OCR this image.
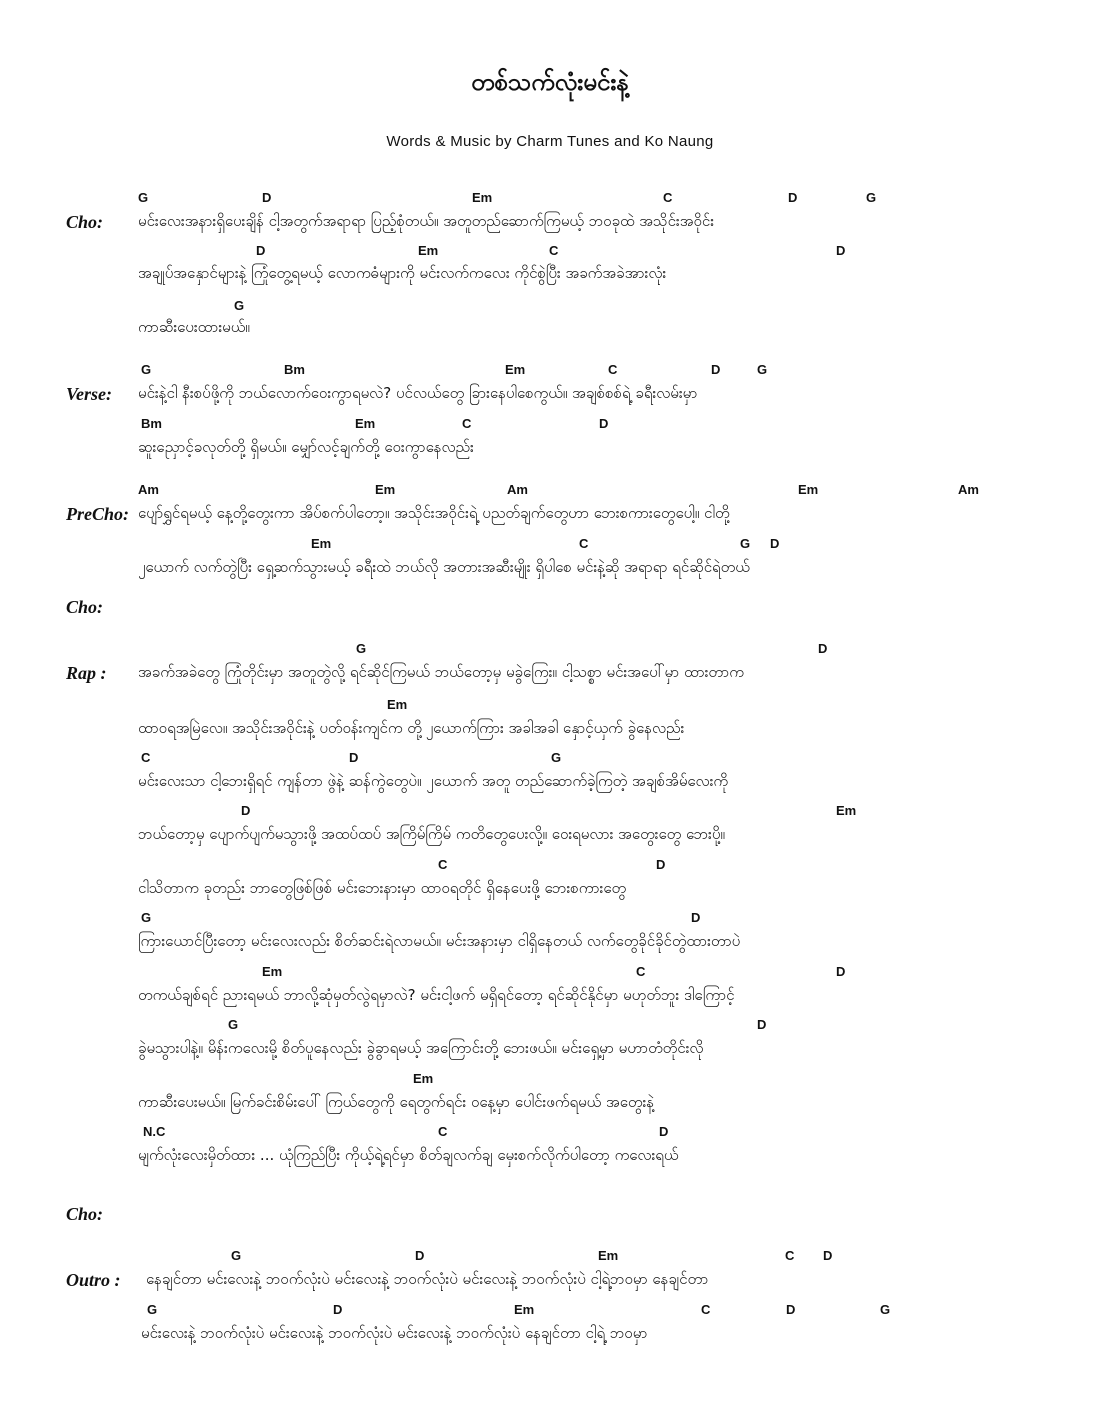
တစ်သက်လုံးမင်းနဲ့
Words & Music by Charm Tunes and Ko Naung
Cho:
Verse:
PreCho:
Cho:
Rap :
Cho:
Outro :
G	D	Em	C	D	G
မင်းလေးအနားရှိပေးချိန် ငါ့အတွက်အရာရာ ပြည့်စုံတယ်။ အတူတည်ဆောက်ကြမယ့် ဘဝခုထဲ အသိုင်းအဝိုင်း
D	Em	C	D
အချုပ်အနှောင်များနဲ့ ကြုံတွေ့ရမယ့် လောကဓံများကို မင်းလက်ကလေး ကိုင်စွဲပြီး အခက်အခဲအားလုံး
G
ကာဆီးပေးထားမယ်။
G	Bm	Em	C	D	G
မင်းနဲ့ငါ နီးစပ်ဖို့ကို ဘယ်လောက်ဝေးကွာရမလဲ? ပင်လယ်တွေ ခြားနေပါစေကွယ်။ အချစ်စစ်ရဲ့ ခရီးလမ်းမှာ
Bm	Em	C	D
ဆူးညှောင့်ခလုတ်တို့ ရှိမယ်။ မျှော်လင့်ချက်တို့ ဝေးကွာနေလည်း
Am	Em	Am	Em	Am
ပျော်ရွှင်ရမယ့် နေ့တို့တွေးကာ အိပ်စက်ပါတော့။ အသိုင်းအဝိုင်းရဲ့ ပညတ်ချက်တွေဟာ ဘေးစကားတွေပေါ့။ ငါတို့
Em	C	G D
၂ယောက် လက်တွဲပြီး ရှေ့ဆက်သွားမယ့် ခရီးထဲ ဘယ်လို အတားအဆီးမျိုး ရှိပါစေ မင်းနဲ့ဆို အရာရာ ရင်ဆိုင်ရဲတယ်
G	D
အခက်အခဲတွေ ကြုံတိုင်းမှာ အတူတွဲလို့ ရင်ဆိုင်ကြမယ် ဘယ်တော့မှ မခွဲကြေး။ ငါ့သစ္စာ မင်းအပေါ်မှာ ထားတာက
Em
ထာဝရအမြဲလေ။ အသိုင်းအဝိုင်းနဲ့ ပတ်ဝန်းကျင်က တို့၂ယောက်ကြား အခါအခါ နှောင့်ယှက် ခွဲနေလည်း
C	D	G
မင်းလေးသာ ငါ့ဘေးရှိရင် ကျန်တာ ဖွဲနဲ့ ဆန်ကွဲတွေပဲ။ ၂ယောက် အတူ တည်ဆောက်ခဲ့ကြတဲ့ အချစ်အိမ်လေးကို
D	Em
ဘယ်တော့မှ ပျောက်ပျက်မသွားဖို့ အထပ်ထပ် အကြိမ်ကြိမ် ကတိတွေပေးလို့။ ဝေးရမလား အတွေးတွေ ဘေးပို့။
C	D
ငါသိတာက ခုတည်း ဘာတွေဖြစ်ဖြစ် မင်းဘေးနားမှာ ထာဝရတိုင် ရှိနေပေးဖို့ ဘေးစကားတွေ
G	D
ကြားယောင်ပြီးတော့ မင်းလေးလည်း စိတ်ဆင်းရဲလာမယ်။ မင်းအနားမှာ ငါရှိနေတယ် လက်တွေခိုင်ခိုင်တွဲထားတာပဲ
Em	C	D
တကယ်ချစ်ရင် ညားရမယ် ဘာလို့ဆုံမှတ်လွဲရမှာလဲ? မင်းငါ့ဖက် မရှိရင်တော့ ရင်ဆိုင်နိုင်မှာ မဟုတ်ဘူး ဒါကြောင့်
G	D
ခွဲမသွားပါနဲ့။ မိန်းကလေးမို့ စိတ်ပူနေလည်း ခွဲခွာရမယ့် အကြောင်းတို့ ဘေးဖယ်။ မင်းရှေ့မှာ မဟာတံတိုင်းလို
Em
ကာဆီးပေးမယ်။ မြက်ခင်းစိမ်းပေါ် ကြယ်တွေကို ရေတွက်ရင်း ဝနေ့မှာ ပေါင်းဖက်ရမယ် အတွေးနဲ့
N.C	C	D
မျက်လုံးလေးမှိတ်ထား ... ယုံကြည်ပြီး ကိုယ့်ရဲ့ရင်မှာ စိတ်ချလက်ချ မှေးစက်လိုက်ပါတော့ ကလေးရယ်
G	D	Em	C D
နေချင်တာ မင်းလေးနဲ့ ဘဝက်လုံးပဲ မင်းလေးနဲ့ ဘဝက်လုံးပဲ မင်းလေးနဲ့ ဘဝက်လုံးပဲ ငါ့ရဲ့ဘဝမှာ နေချင်တာ
G	D	Em	C	D	G
မင်းလေးနဲ့ ဘဝက်လုံးပဲ မင်းလေးနဲ့ ဘဝက်လုံးပဲ မင်းလေးနဲ့ ဘဝက်လုံးပဲ နေချင်တာ ငါ့ရဲ့ ဘဝမှာ
